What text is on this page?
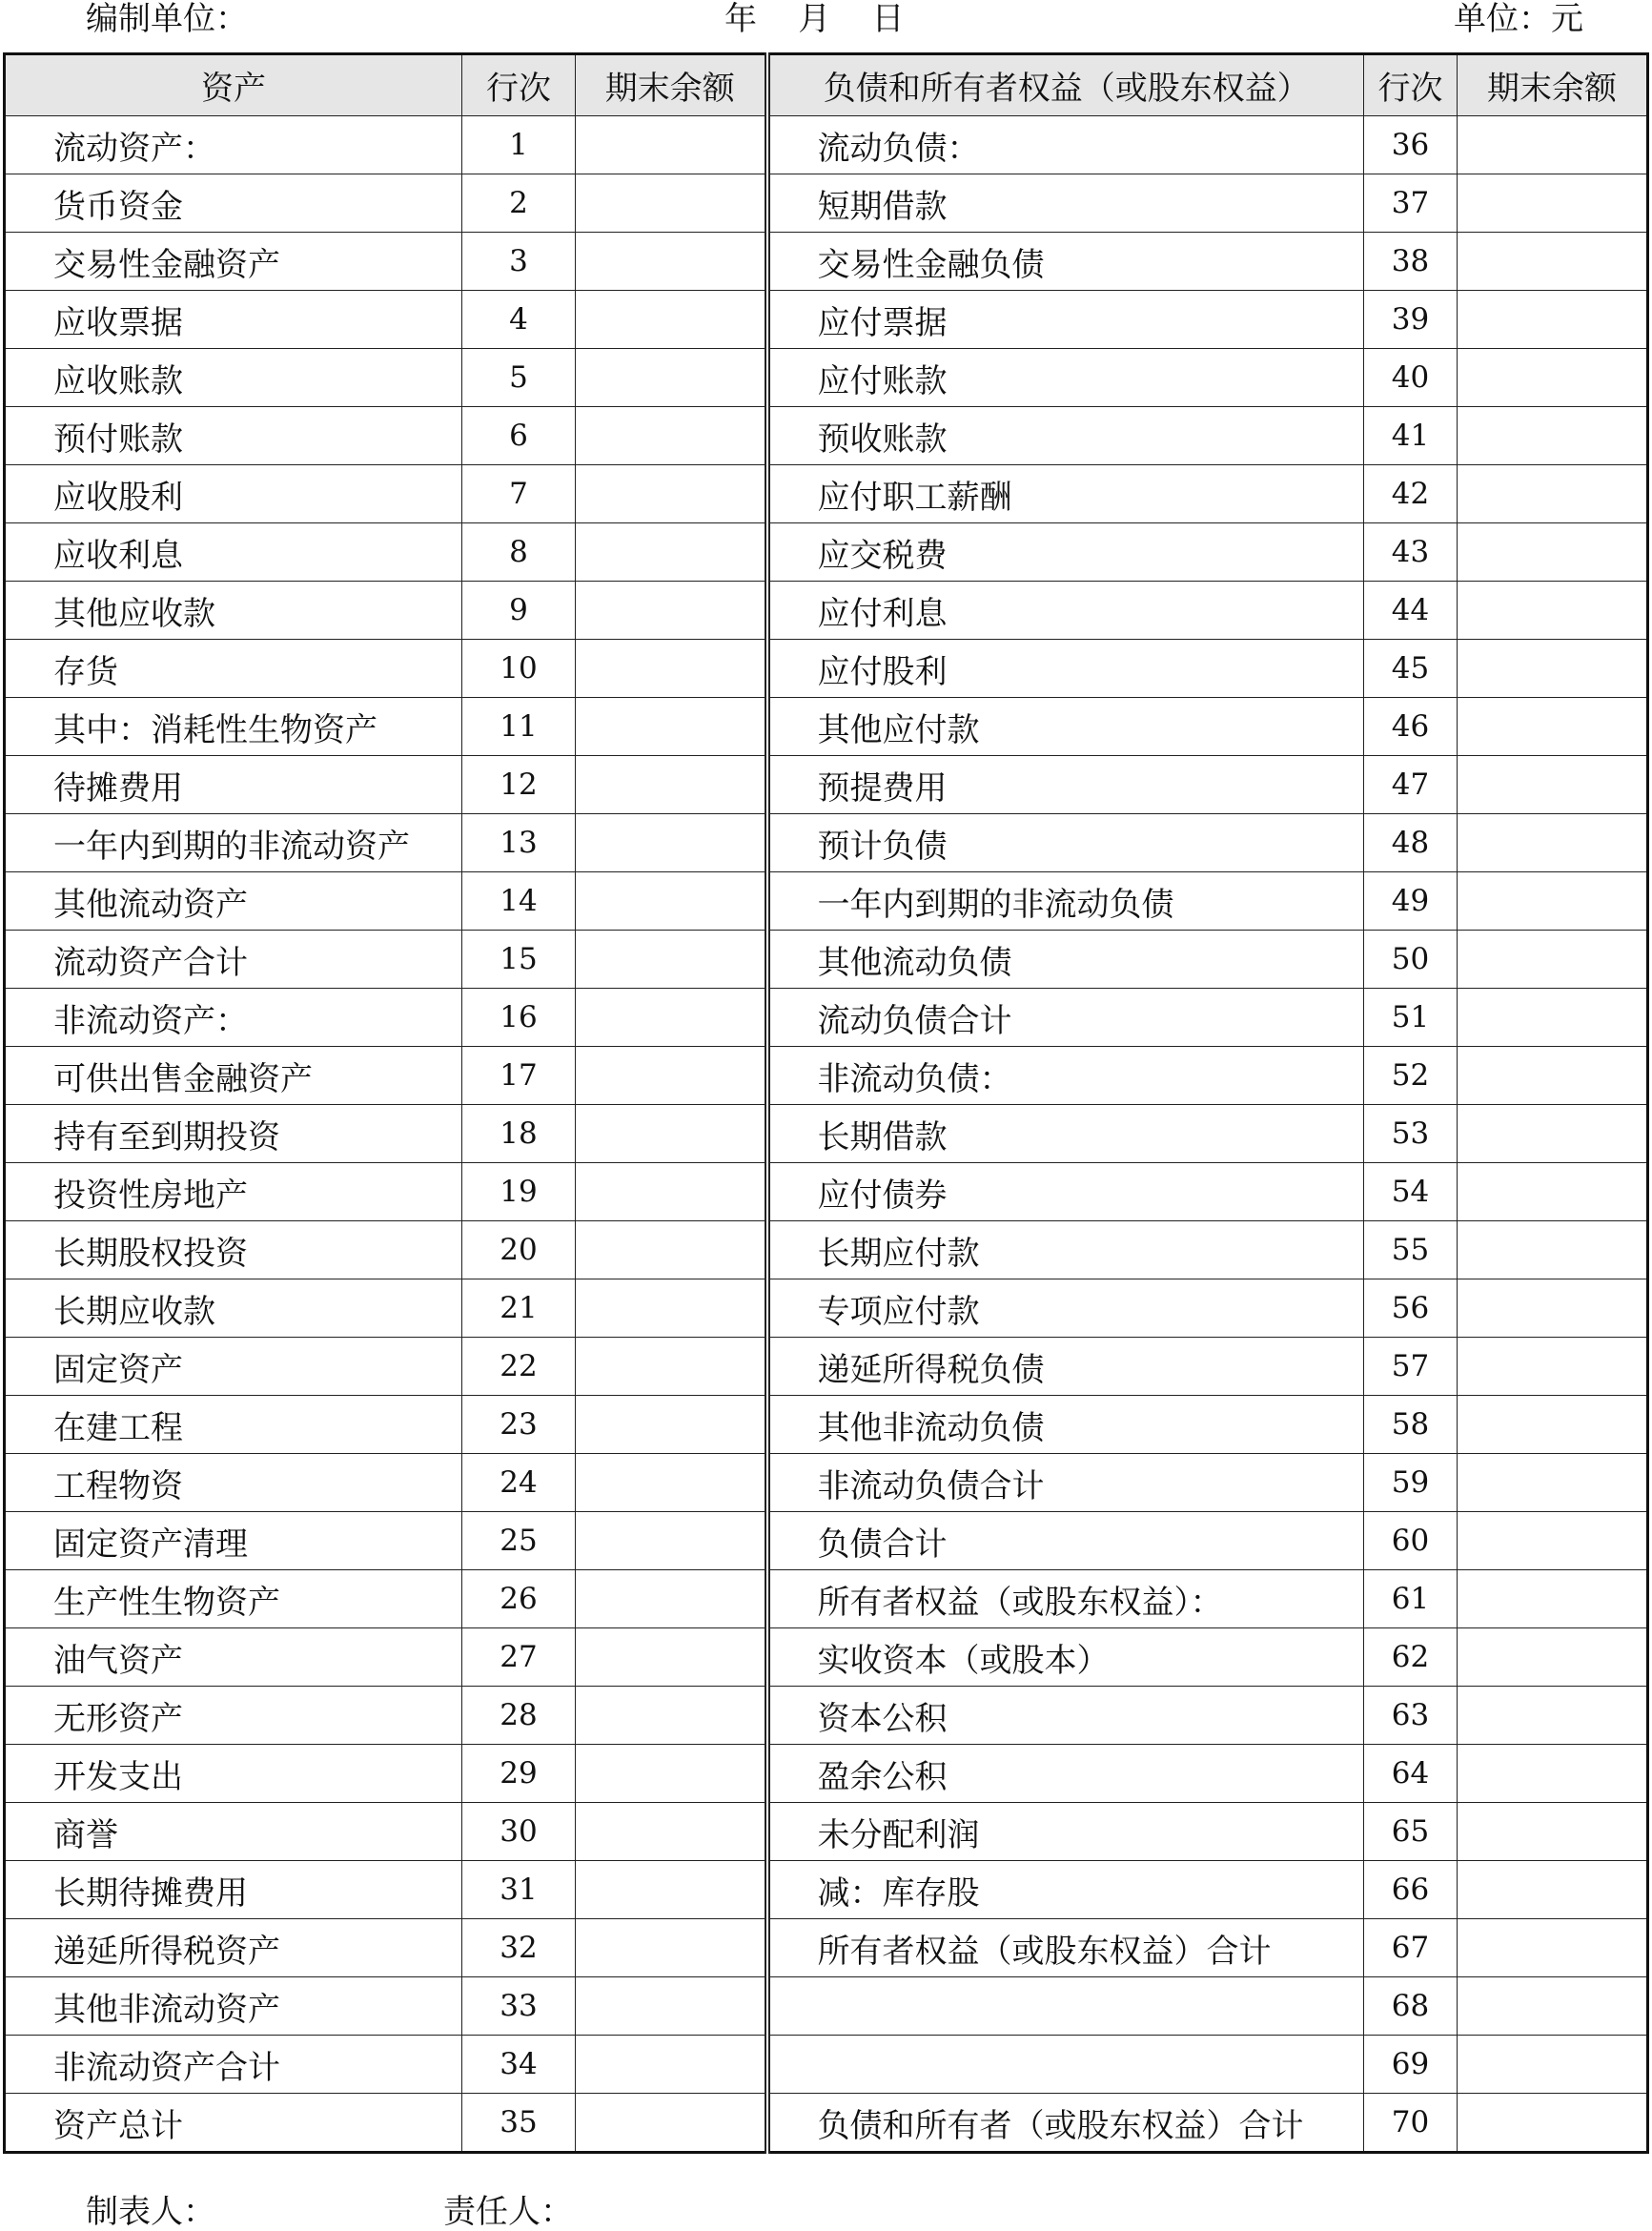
编制单位：	年    月    日	单位：元
资产	行次	期末余额	负债和所有者权益（或股东权益）	行次	期末余额
流动资产：	1		流动负债：	36	
货币资金	2		短期借款	37	
交易性金融资产	3		交易性金融负债	38	
应收票据	4		应付票据	39	
应收账款	5		应付账款	40	
预付账款	6		预收账款	41	
应收股利	7		应付职工薪酬	42	
应收利息	8		应交税费	43	
其他应收款	9		应付利息	44	
存货	10		应付股利	45	
其中：消耗性生物资产	11		其他应付款	46	
待摊费用	12		预提费用	47	
一年内到期的非流动资产	13		预计负债	48	
其他流动资产	14		一年内到期的非流动负债	49	
流动资产合计	15		其他流动负债	50	
非流动资产：	16		流动负债合计	51	
可供出售金融资产	17		非流动负债：	52	
持有至到期投资	18		长期借款	53	
投资性房地产	19		应付债券	54	
长期股权投资	20		长期应付款	55	
长期应收款	21		专项应付款	56	
固定资产	22		递延所得税负债	57	
在建工程	23		其他非流动负债	58	
工程物资	24		非流动负债合计	59	
固定资产清理	25		负债合计	60	
生产性生物资产	26		所有者权益（或股东权益）：	61	
油气资产	27		实收资本（或股本）	62	
无形资产	28		资本公积	63	
开发支出	29		盈余公积	64	
商誉	30		未分配利润	65	
长期待摊费用	31		减：库存股	66	
递延所得税资产	32		所有者权益（或股东权益）合计	67	
其他非流动资产	33			68	
非流动资产合计	34			69	
资产总计	35		负债和所有者（或股东权益）合计	70	
制表人：	责任人：
